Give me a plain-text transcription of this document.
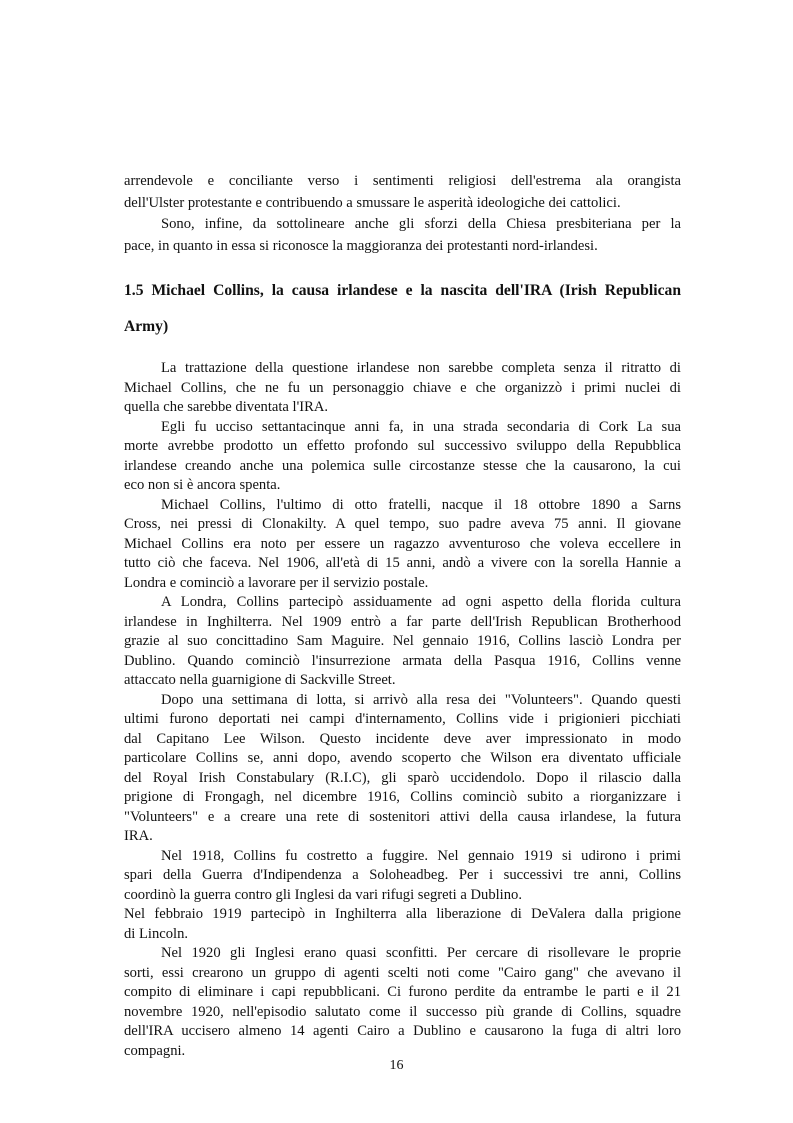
arrendevole e conciliante verso i sentimenti religiosi dell'estrema ala orangista
dell'Ulster protestante e contribuendo a smussare le asperità ideologiche dei cattolici.
Sono, infine, da sottolineare anche gli sforzi della Chiesa presbiteriana per la
pace, in quanto in essa si riconosce la maggioranza dei protestanti nord-irlandesi.
1.5 Michael Collins, la causa irlandese e la nascita dell'IRA (Irish Republican
Army)
La trattazione della questione irlandese non sarebbe completa senza il ritratto di
Michael Collins, che ne fu un personaggio chiave e che organizzò i primi nuclei di
quella che sarebbe diventata l'IRA.
Egli fu ucciso settantacinque anni fa, in una strada secondaria di Cork La sua
morte avrebbe prodotto un effetto profondo sul successivo sviluppo della Repubblica
irlandese creando anche una polemica sulle circostanze stesse che la causarono, la cui
eco non si è ancora spenta.
Michael Collins, l'ultimo di otto fratelli, nacque il 18 ottobre 1890 a Sarns
Cross, nei pressi di Clonakilty. A quel tempo, suo padre aveva 75 anni. Il giovane
Michael Collins era noto per essere un ragazzo avventuroso che voleva eccellere in
tutto ciò che faceva. Nel 1906, all'età di 15 anni, andò a vivere con la sorella Hannie a
Londra e cominciò a lavorare per il servizio postale.
A Londra, Collins partecipò assiduamente ad ogni aspetto della florida cultura
irlandese in Inghilterra. Nel 1909 entrò a far parte dell'Irish Republican Brotherhood
grazie al suo concittadino Sam Maguire. Nel gennaio 1916, Collins lasciò Londra per
Dublino. Quando cominciò l'insurrezione armata della Pasqua 1916, Collins venne
attaccato nella guarnigione di Sackville Street.
Dopo una settimana di lotta, si arrivò alla resa dei "Volunteers". Quando questi
ultimi furono deportati nei campi d'internamento, Collins vide i prigionieri picchiati
dal Capitano Lee Wilson. Questo incidente deve aver impressionato in modo
particolare Collins se, anni dopo, avendo scoperto che Wilson era diventato ufficiale
del Royal Irish Constabulary (R.I.C), gli sparò uccidendolo. Dopo il rilascio dalla
prigione di Frongagh, nel dicembre 1916, Collins cominciò subito a riorganizzare i
"Volunteers" e a creare una rete di sostenitori attivi della causa irlandese, la futura
IRA.
Nel 1918, Collins fu costretto a fuggire. Nel gennaio 1919 si udirono i primi
spari della Guerra d'Indipendenza a Soloheadbeg. Per i successivi tre anni, Collins
coordinò la guerra contro gli Inglesi da vari rifugi segreti a Dublino.
Nel febbraio 1919 partecipò in Inghilterra alla liberazione di DeValera dalla prigione
di Lincoln.
Nel 1920 gli Inglesi erano quasi sconfitti. Per cercare di risollevare le proprie
sorti, essi crearono un gruppo di agenti scelti noti come "Cairo gang" che avevano il
compito di eliminare i capi repubblicani. Ci furono perdite da entrambe le parti e il 21
novembre 1920, nell'episodio salutato come il successo più grande di Collins, squadre
dell'IRA uccisero almeno 14 agenti Cairo a Dublino e causarono la fuga di altri loro
compagni.
16
